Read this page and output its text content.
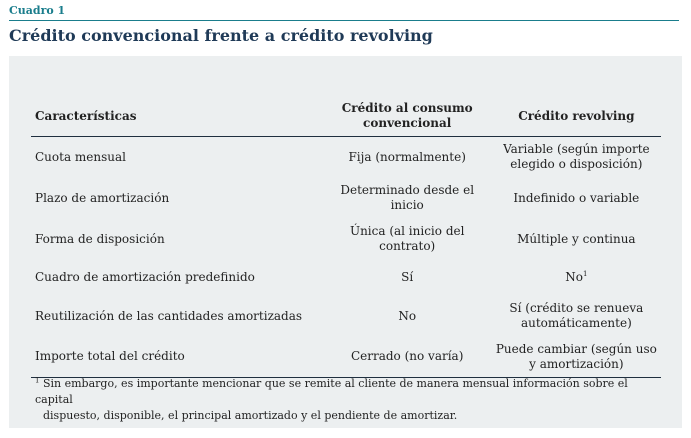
Cuadro 1
Crédito convencional frente a crédito revolving
Características	Crédito al consumo convencional	Crédito revolving
Cuota mensual	Fija (normalmente)	Variable (según importe elegido o disposición)
Plazo de amortización	Determinado desde el inicio	Indefinido o variable
Forma de disposición	Única (al inicio del contrato)	Múltiple y continua
Cuadro de amortización predefinido	Sí	No$^1$
Reutilización de las cantidades amortizadas	No	Sí (crédito se renueva automáticamente)
Importe total del crédito	Cerrado (no varía)	Puede cambiar (según uso y amortización)
$^1$ Sin embargo, es importante mencionar que se remite al cliente de manera mensual información sobre el capital
dispuesto, disponible, el principal amortizado y el pendiente de amortizar.
